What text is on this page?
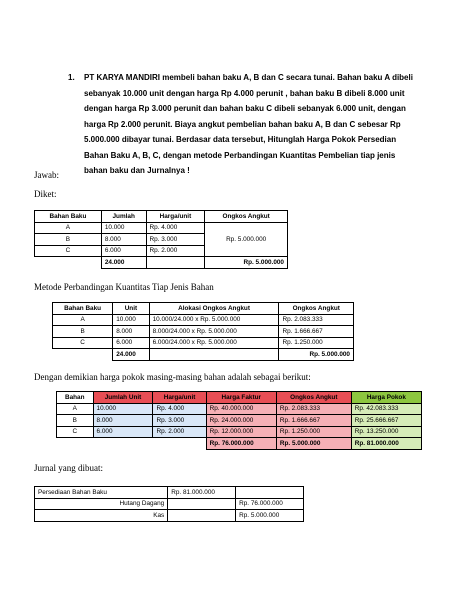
1. PT KARYA MANDIRI membeli bahan baku A, B dan C secara tunai. Bahan baku A dibeli sebanyak 10.000 unit dengan harga Rp 4.000 perunit , bahan baku B dibeli 8.000 unit dengan harga Rp 3.000 perunit dan bahan baku C dibeli sebanyak 6.000 unit, dengan harga Rp 2.000 perunit. Biaya angkut pembelian bahan baku A, B dan C sebesar Rp 5.000.000 dibayar tunai. Berdasar data tersebut, Hitunglah Harga Pokok Persedian Bahan Baku A, B, C, dengan metode Perbandingan Kuantitas Pembelian tiap jenis bahan baku dan Jurnalnya !
Jawab:
Diket:
Bahan Baku	Jumlah	Harga/unit	Ongkos Angkut
A	10.000	Rp. 4.000	Rp. 5.000.000
B	8.000	Rp. 3.000	
C	6.000	Rp. 2.000	
	24.000		Rp. 5.000.000
Metode Perbandingan Kuantitas Tiap Jenis Bahan
Bahan Baku	Unit	Alokasi Ongkos Angkut	Ongkos Angkut
A	10.000	10.000/24.000 x Rp. 5.000.000	Rp. 2.083.333
B	8.000	8.000/24.000 x Rp. 5.000.000	Rp. 1.666.667
C	6.000	6.000/24.000 x Rp. 5.000.000	Rp. 1.250.000
	24.000		Rp. 5.000.000
Dengan demikian harga pokok masing-masing bahan adalah sebagai berikut:
Bahan	Jumlah Unit	Harga/unit	Harga Faktur	Ongkos Angkut	Harga Pokok
A	10.000	Rp. 4.000	Rp. 40.000.000	Rp. 2.083.333	Rp. 42.083.333
B	8.000	Rp. 3.000	Rp. 24.000.000	Rp. 1.666.667	Rp. 25.666.667
C	6.000	Rp. 2.000	Rp. 12.000.000	Rp. 1.250.000	Rp. 13.250.000
			Rp. 76.000.000	Rp. 5.000.000	Rp. 81.000.000
Jurnal yang dibuat:
Persediaan Bahan Baku	Rp. 81.000.000	
Hutang Dagang		Rp. 76.000.000
Kas		Rp. 5.000.000
